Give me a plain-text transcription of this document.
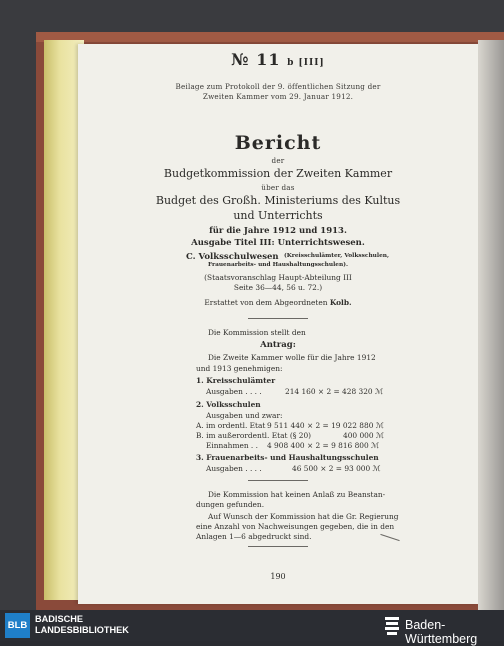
№ 11 b [III]
Beilage zum Protokoll der 9. öffentlichen Sitzung der
Zweiten Kammer vom 29. Januar 1912.
Bericht
der
Budgetkommission der Zweiten Kammer
über das
Budget des Großh. Ministeriums des Kultus
und Unterrichts
für die Jahre 1912 und 1913.
Ausgabe Titel III: Unterrichtswesen.
C. Volksschulwesen (Kreisschulämter, Volksschulen,
Frauenarbeits- und Haushaltungsschulen).
(Staatsvoranschlag Haupt-Abteilung III
Seite 36—44, 56 u. 72.)
Erstattet von dem Abgeordneten Kolb.
Die Kommission stellt den
Antrag:
Die Zweite Kammer wolle für die Jahre 1912
und 1913 genehmigen:
1. Kreisschulämter
Ausgaben . . . .	214 160 × 2 = 428 320 ℳ
2. Volksschulen
Ausgaben und zwar:
A. im ordentl. Etat 9 511 440 × 2 = 19 022 880 ℳ
B. im außerordentl. Etat (§ 20)	400 000 ℳ
Einnahmen . . 4 908 400 × 2 = 9 816 800 ℳ
3. Frauenarbeits- und Haushaltungsschulen
Ausgaben . . . .	46 500 × 2 = 93 000 ℳ
Die Kommission hat keinen Anlaß zu Beanstan-
dungen gefunden.
Auf Wunsch der Kommission hat die Gr. Regierung
eine Anzahl von Nachweisungen gegeben, die in den
Anlagen 1—6 abgedruckt sind.
190
BLB
BADISCHE
LANDESBIBLIOTHEK	Baden-Württemberg
